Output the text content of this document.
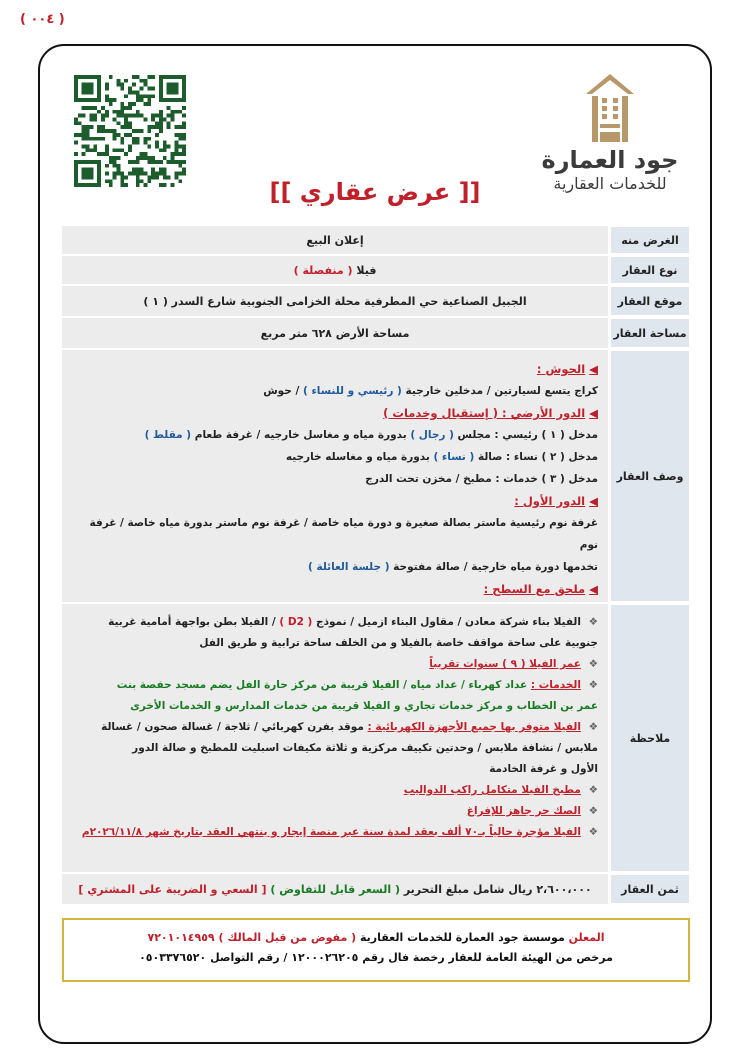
( ٠٠٤ )
جود العمارة
للخدمات العقارية
[[ عرض عقاري ]]
الغرض منه
إعلان البيع
نوع العقار
فيلا

( منفصلة )
موقع العقار
الجبيل الصناعية حي المطرفية محلة الخزامى الجنوبية شارع السدر ( ١ )
مساحة العقار
مساحة الأرض ٦٢٨ متر مربع
وصف العقار
◀الحوش :
كراج يتسع لسيارتين / مدخلين خارجية ( رئيسي و للنساء ) / حوش
◀الدور الأرضي : ( إستقبال وخدمات )
مدخل ( ١ ) رئيسي : مجلس ( رجال ) بدورة مياه و مغاسل خارجيه / غرفة طعام ( مقلط )
مدخل ( ٢ ) نساء : صالة ( نساء ) بدورة مياه و مغاسله خارجيه
مدخل ( ٣ ) خدمات : مطبخ / مخزن تحت الدرج
◀الدور الأول :
غرفة نوم رئيسية ماستر بصالة صغيرة و دورة مياه خاصة / غرفة نوم ماستر بدورة مياه خاصة / غرفة نوم
تخدمها دورة مياه خارجية / صالة مفتوحة ( جلسة العائلة )
◀ملحق مع السطح :
ملاحظة
❖ الفيلا بناء شركة معادن / مقاول البناء ازميل / نموذج ( D2 ) / الفيلا بطن بواجهة أمامية غربية
جنوبية على ساحة مواقف خاصة بالفيلا و من الخلف ساحة ترابية و طريق الفل
❖ عمر الفيلا ( ٩ ) سنوات تقريباً
❖ الخدمات : عداد كهرباء / عداد مياه / الفيلا قريبة من مركز حارة الفل يضم مسجد حفصة بنت
عمر بن الخطاب و مركز خدمات تجاري و الفيلا قريبة من خدمات المدارس و الخدمات الأخرى
❖ الفيلا متوفر بها جميع الأجهزة الكهربائية : موقد بفرن كهربائي / ثلاجة / غسالة صحون / غسالة
ملابس / نشافة ملابس / وحدتين تكييف مركزية و ثلاثة مكيفات اسبليت للمطبخ و صالة الدور
الأول و غرفة الخادمة
❖ مطبخ الفيلا متكامل راكب الدواليب
❖ الصك حر جاهز للإفراغ
❖ الفيلا مؤجرة حالياً بـ٧٠ ألف بعقد لمدة سنة عبر منصة إيجار و ينتهي العقد بتاريخ شهر ٢٠٢٦/١١/٨م
ثمن العقار
٢،٦٠٠،٠٠٠ ريال شامل مبلغ التحرير

( السعر قابل للتفاوض )

[ السعي و الضريبة على المشتري ]
المعلن موسسة جود العمارة للخدمات العقارية ( مفوض من قبل المالك ) ٧٢٠١٠١٤٩٥٩
مرخص من الهيئة العامة للعقار رخصة فال رقم ١٢٠٠٠٢٦٢٠٥ / رقم التواصل ٠٥٠٣٣٧٦٥٢٠
